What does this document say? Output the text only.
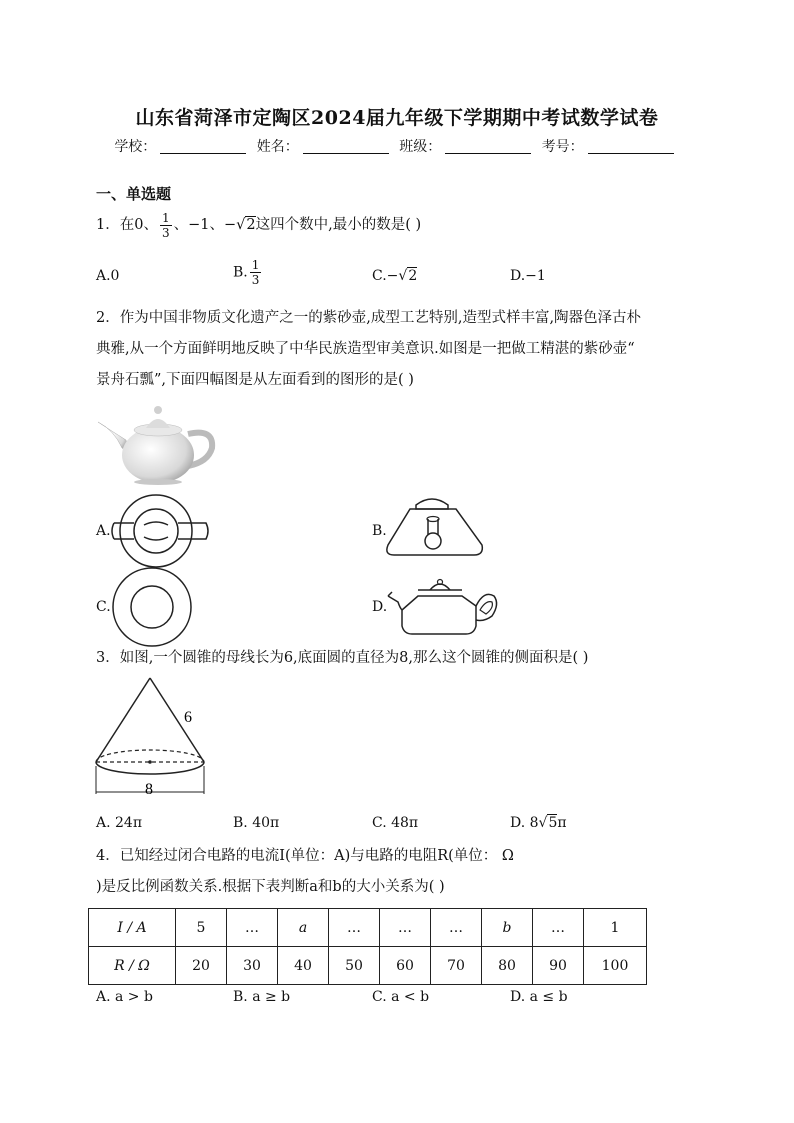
山东省菏泽市定陶区2024届九年级下学期期中考试数学试卷
学校：	姓名：	班级：	考号：
一、单选题
1．在0、 $\frac{1}{3}$ 、−1、−√2这四个数中,最小的数是( )
A.0	B. $\frac{1}{3}$	C.−√2	D.−1
2．作为中国非物质文化遗产之一的紫砂壶,成型工艺特别,造型式样丰富,陶器色泽古朴
典雅,从一个方面鲜明地反映了中华民族造型审美意识.如图是一把做工精湛的紫砂壶“
景舟石瓢”,下面四幅图是从左面看到的图形的是( )
A.	B.
C.	D.
3．如图,一个圆锥的母线长为6,底面圆的直径为8,那么这个圆锥的侧面积是( )
6
8
A. 24π	B. 40π	C. 48π	D. 8√5π
4．已知经过闭合电路的电流I(单位：A)与电路的电阻R(单位： Ω
)是反比例函数关系.根据下表判断a和b的大小关系为( )
I / A	5	…	a	…	…	…	b	…	1
R / Ω	20	30	40	50	60	70	80	90	100
A. a > b	B. a ≥ b	C. a < b	D. a ≤ b
